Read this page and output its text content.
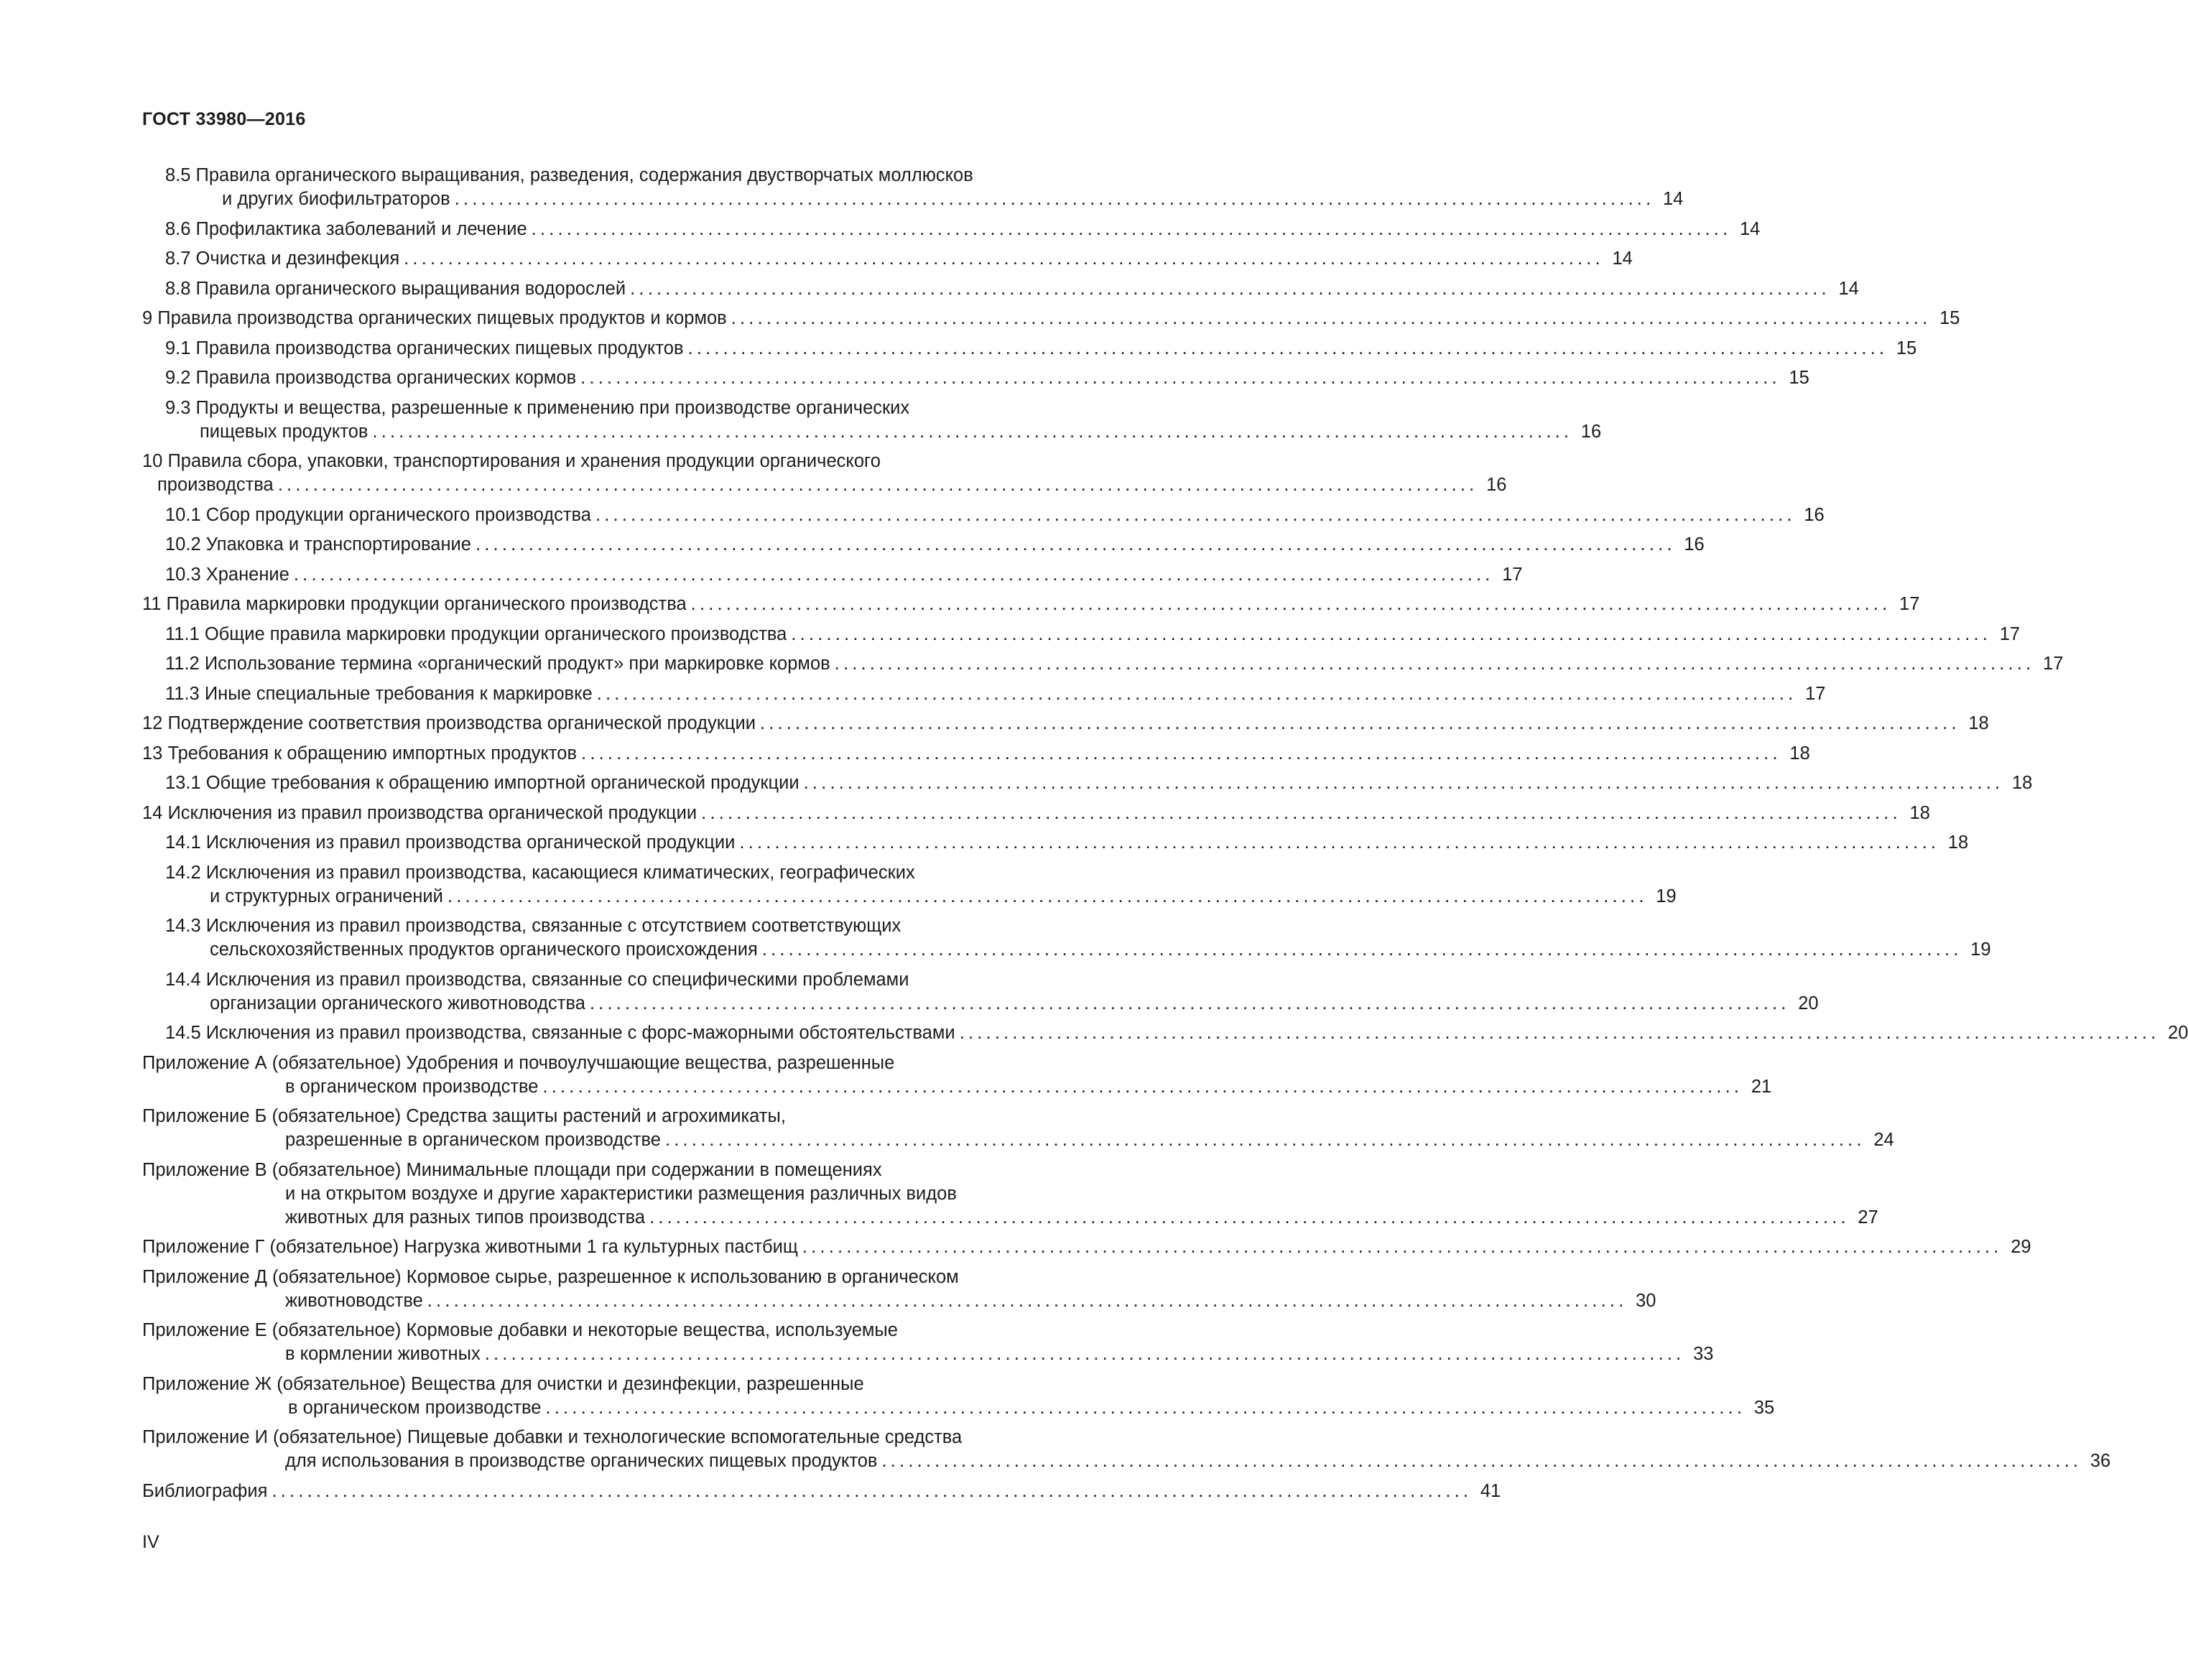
ГОСТ 33980—2016
8.5 Правила органического выращивания, разведения, содержания двустворчатых моллюсков
и других биофильтраторов ........................................................................................................................................ 14
8.6 Профилактика заболеваний и лечение ........................................................................................................................................ 14
8.7 Очистка и дезинфекция ........................................................................................................................................ 14
8.8 Правила органического выращивания водорослей ........................................................................................................................................ 14
9 Правила производства органических пищевых продуктов и кормов ........................................................................................................................................ 15
9.1 Правила производства органических пищевых продуктов ........................................................................................................................................ 15
9.2 Правила производства органических кормов ........................................................................................................................................ 15
9.3 Продукты и вещества, разрешенные к применению при производстве органических
пищевых продуктов ........................................................................................................................................ 16
10 Правила сбора, упаковки, транспортирования и хранения продукции органического
производства ........................................................................................................................................ 16
10.1 Сбор продукции органического производства ........................................................................................................................................ 16
10.2 Упаковка и транспортирование ........................................................................................................................................ 16
10.3 Хранение ........................................................................................................................................ 17
11 Правила маркировки продукции органического производства ........................................................................................................................................ 17
11.1 Общие правила маркировки продукции органического производства ........................................................................................................................................ 17
11.2 Использование термина «органический продукт» при маркировке кормов ........................................................................................................................................ 17
11.3 Иные специальные требования к маркировке ........................................................................................................................................ 17
12 Подтверждение соответствия производства органической продукции ........................................................................................................................................ 18
13 Требования к обращению импортных продуктов ........................................................................................................................................ 18
13.1 Общие требования к обращению импортной органической продукции ........................................................................................................................................ 18
14 Исключения из правил производства органической продукции ........................................................................................................................................ 18
14.1 Исключения из правил производства органической продукции ........................................................................................................................................ 18
14.2 Исключения из правил производства, касающиеся климатических, географических
и структурных ограничений ........................................................................................................................................ 19
14.3 Исключения из правил производства, связанные с отсутствием соответствующих
сельскохозяйственных продуктов органического происхождения ........................................................................................................................................ 19
14.4 Исключения из правил производства, связанные со специфическими проблемами
организации органического животноводства ........................................................................................................................................ 20
14.5 Исключения из правил производства, связанные с форс-мажорными обстоятельствами ........................................................................................................................................ 20
Приложение А (обязательное) Удобрения и почвоулучшающие вещества, разрешенные
в органическом производстве ........................................................................................................................................ 21
Приложение Б (обязательное) Средства защиты растений и агрохимикаты,
разрешенные в органическом производстве ........................................................................................................................................ 24
Приложение В (обязательное) Минимальные площади при содержании в помещениях
и на открытом воздухе и другие характеристики размещения различных видов
животных для разных типов производства ........................................................................................................................................ 27
Приложение Г (обязательное) Нагрузка животными 1 га культурных пастбищ ........................................................................................................................................ 29
Приложение Д (обязательное) Кормовое сырье, разрешенное к использованию в органическом
животноводстве ........................................................................................................................................ 30
Приложение Е (обязательное) Кормовые добавки и некоторые вещества, используемые
в кормлении животных ........................................................................................................................................ 33
Приложение Ж (обязательное) Вещества для очистки и дезинфекции, разрешенные
в органическом производстве ........................................................................................................................................ 35
Приложение И (обязательное) Пищевые добавки и технологические вспомогательные средства
для использования в производстве органических пищевых продуктов ........................................................................................................................................ 36
Библиография ........................................................................................................................................ 41
IV
